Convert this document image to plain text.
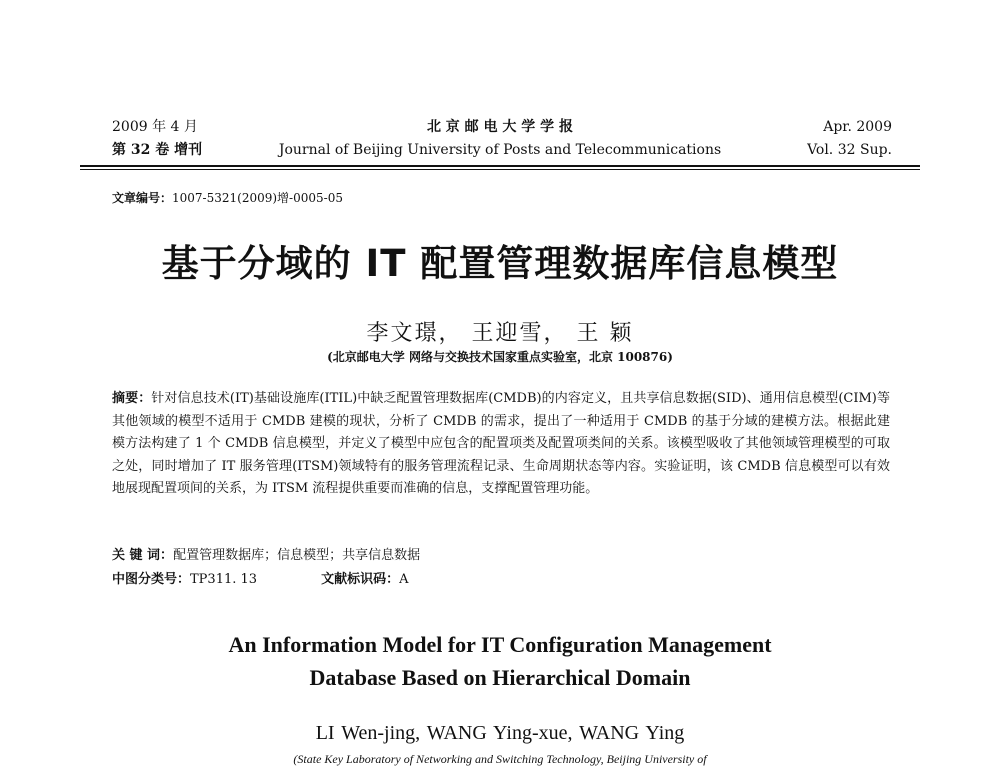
2009 年 4 月
第 32 卷 增刊
北 京 邮 电 大 学 学 报
Journal of Beijing University of Posts and Telecommunications
Apr. 2009
Vol. 32 Sup.
文章编号：1007-5321(2009)增-0005-05
基于分域的 IT 配置管理数据库信息模型
李文璟， 王迎雪， 王 颖
(北京邮电大学 网络与交换技术国家重点实验室，北京 100876)
摘要：针对信息技术(IT)基础设施库(ITIL)中缺乏配置管理数据库(CMDB)的内容定义，且共享信息数据(SID)、通用信息模型(CIM)等其他领域的模型不适用于 CMDB 建模的现状，分析了 CMDB 的需求，提出了一种适用于 CMDB 的基于分域的建模方法。根据此建模方法构建了 1 个 CMDB 信息模型，并定义了模型中应包含的配置项类及配置项类间的关系。该模型吸收了其他领域管理模型的可取之处，同时增加了 IT 服务管理(ITSM)领域特有的服务管理流程记录、生命周期状态等内容。实验证明，该 CMDB 信息模型可以有效地展现配置项间的关系，为 ITSM 流程提供重要而准确的信息，支撑配置管理功能。
关 键 词：配置管理数据库；信息模型；共享信息数据
中图分类号：TP311. 13	文献标识码：A
An Information Model for IT Configuration Management
Database Based on Hierarchical Domain
LI Wen-jing, WANG Ying-xue, WANG Ying
(State Key Laboratory of Networking and Switching Technology, Beijing University of
